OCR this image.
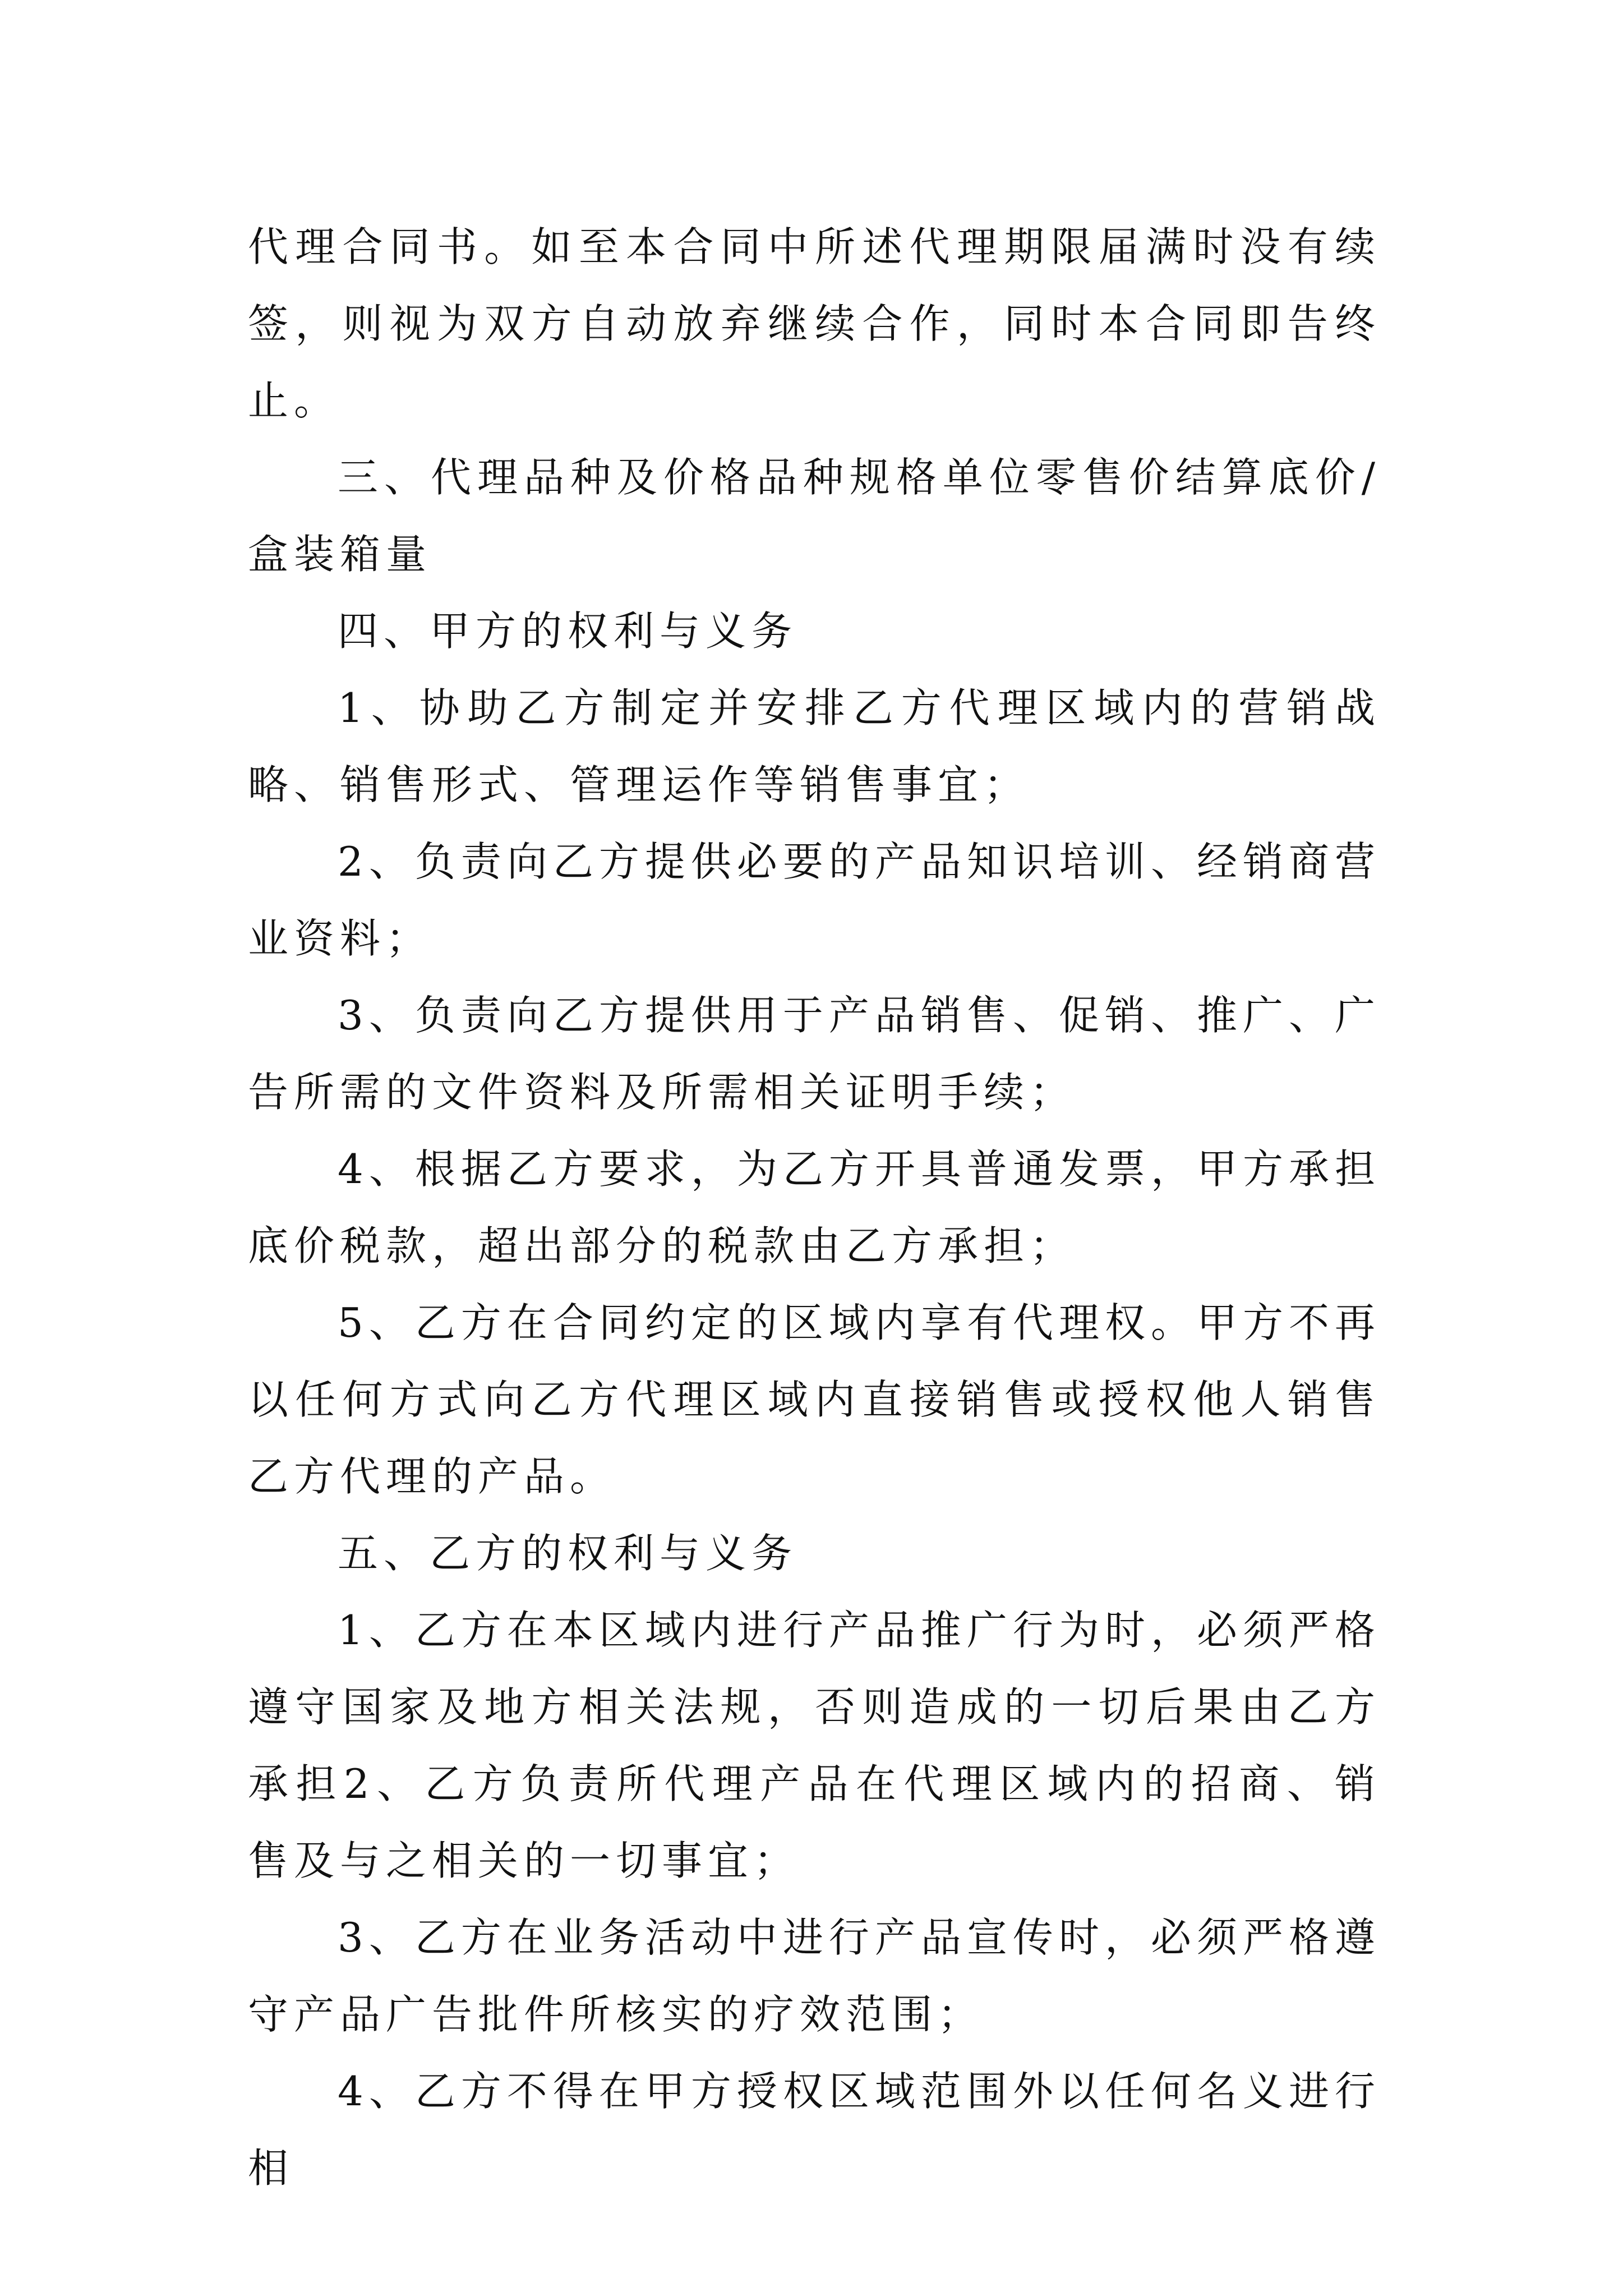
代理合同书。如至本合同中所述代理期限届满时没有续签，则视为双方自动放弃继续合作，同时本合同即告终止。

三、代理品种及价格品种规格单位零售价结算底价/盒装箱量

四、甲方的权利与义务

1、协助乙方制定并安排乙方代理区域内的营销战略、销售形式、管理运作等销售事宜；

2、负责向乙方提供必要的产品知识培训、经销商营业资料；

3、负责向乙方提供用于产品销售、促销、推广、广告所需的文件资料及所需相关证明手续；

4、根据乙方要求，为乙方开具普通发票，甲方承担底价税款，超出部分的税款由乙方承担；

5、乙方在合同约定的区域内享有代理权。甲方不再以任何方式向乙方代理区域内直接销售或授权他人销售乙方代理的产品。

五、乙方的权利与义务

1、乙方在本区域内进行产品推广行为时，必须严格遵守国家及地方相关法规，否则造成的一切后果由乙方承担2、乙方负责所代理产品在代理区域内的招商、销售及与之相关的一切事宜；

3、乙方在业务活动中进行产品宣传时，必须严格遵守产品广告批件所核实的疗效范围；

4、乙方不得在甲方授权区域范围外以任何名义进行相
